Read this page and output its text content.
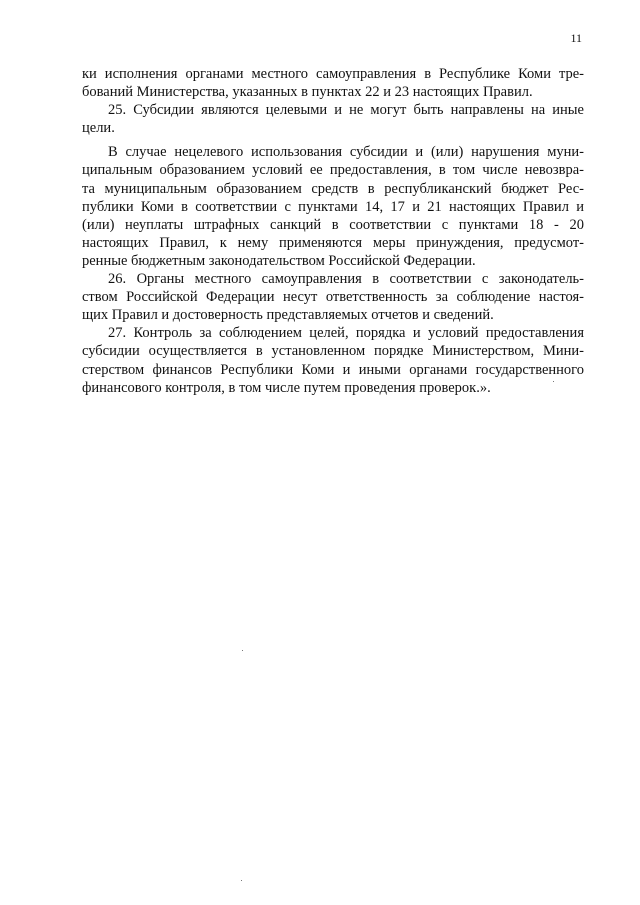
11
ки исполнения органами местного самоуправления в Республике Коми тре-
бований Министерства, указанных в пунктах 22 и 23 настоящих Правил.
25. Субсидии являются целевыми и не могут быть направлены на иные
цели.
В случае нецелевого использования субсидии и (или) нарушения муни-
ципальным образованием условий ее предоставления, в том числе невозвра-
та муниципальным образованием средств в республиканский бюджет Рес-
публики Коми в соответствии с пунктами 14, 17 и 21 настоящих Правил и
(или) неуплаты штрафных санкций в соответствии с пунктами 18 - 20
настоящих Правил, к нему применяются меры принуждения, предусмот-
ренные бюджетным законодательством Российской Федерации.
26. Органы местного самоуправления в соответствии с законодатель-
ством Российской Федерации несут ответственность за соблюдение настоя-
щих Правил и достоверность представляемых отчетов и сведений.
27. Контроль за соблюдением целей, порядка и условий предоставления
субсидии осуществляется в установленном порядке Министерством, Мини-
стерством финансов Республики Коми и иными органами государственного
финансового контроля, в том числе путем проведения проверок.».
